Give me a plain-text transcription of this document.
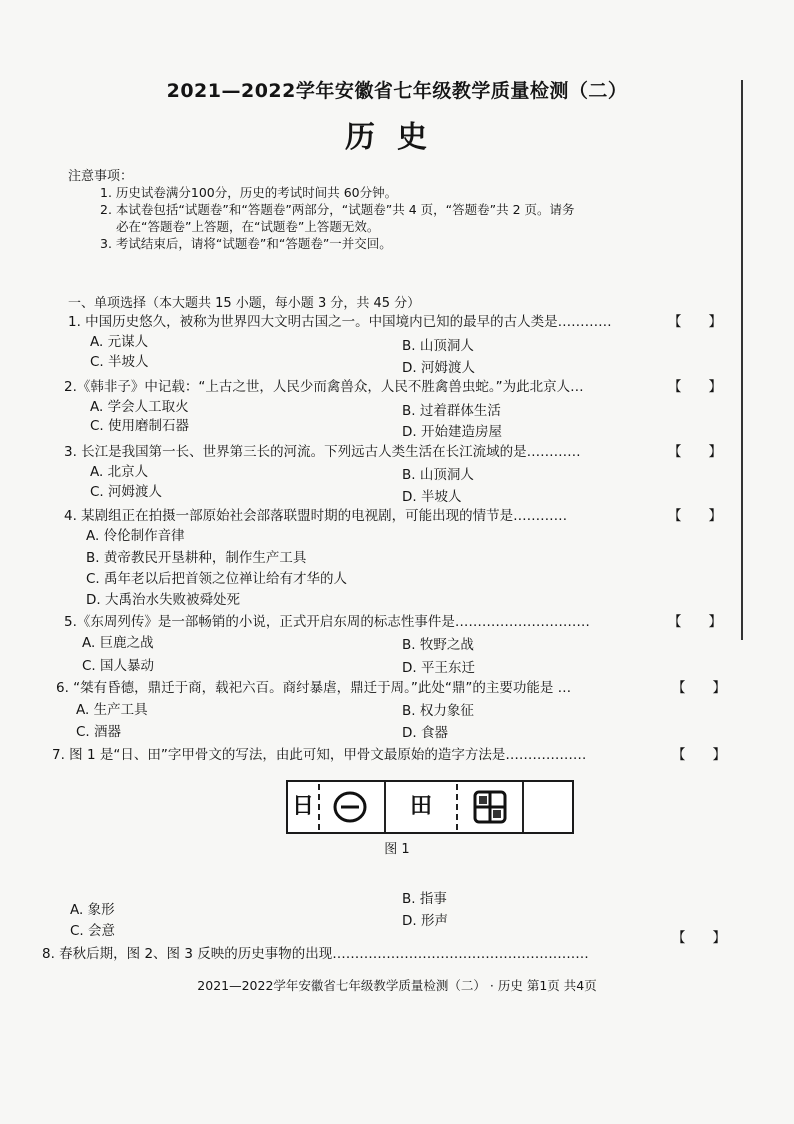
2021—2022学年安徽省七年级教学质量检测（二）
历史
注意事项：
1. 历史试卷满分100分，历史的考试时间共 60分钟。
2. 本试卷包括“试题卷”和“答题卷”两部分，“试题卷”共 4 页，“答题卷”共 2 页。请务
必在“答题卷”上答题，在“试题卷”上答题无效。
3. 考试结束后，请将“试题卷”和“答题卷”一并交回。
一、单项选择（本大题共 15 小题，每小题 3 分，共 45 分）
1. 中国历史悠久，被称为世界四大文明古国之一。中国境内已知的最早的古人类是…………	【　　】
A. 元谋人	B. 山顶洞人
C. 半坡人	D. 河姆渡人
2.《韩非子》中记载：“上古之世，人民少而禽兽众，人民不胜禽兽虫蛇。”为此北京人…	【　　】
A. 学会人工取火	B. 过着群体生活
C. 使用磨制石器	D. 开始建造房屋
3. 长江是我国第一长、世界第三长的河流。下列远古人类生活在长江流域的是…………	【　　】
A. 北京人	B. 山顶洞人
C. 河姆渡人	D. 半坡人
4. 某剧组正在拍摄一部原始社会部落联盟时期的电视剧，可能出现的情节是…………	【　　】
A. 伶伦制作音律
B. 黄帝教民开垦耕种，制作生产工具
C. 禹年老以后把首领之位禅让给有才华的人
D. 大禹治水失败被舜处死
5.《东周列传》是一部畅销的小说，正式开启东周的标志性事件是…………………………	【　　】
A. 巨鹿之战	B. 牧野之战
C. 国人暴动	D. 平王东迁
6. “桀有昏德，鼎迁于商，载祀六百。商纣暴虐，鼎迁于周。”此处“鼎”的主要功能是 …	【　　】
A. 生产工具	B. 权力象征
C. 酒器	D. 食器
7. 图 1 是“日、田”字甲骨文的写法，由此可知，甲骨文最原始的造字方法是………………	【　　】
日	田
图 1
A. 象形
B. 指事
C. 会意
D. 形声
8. 春秋后期，图 2、图 3 反映的历史事物的出现…………………………………………………
【　　】
2021—2022学年安徽省七年级教学质量检测（二） · 历史 第1页 共4页
